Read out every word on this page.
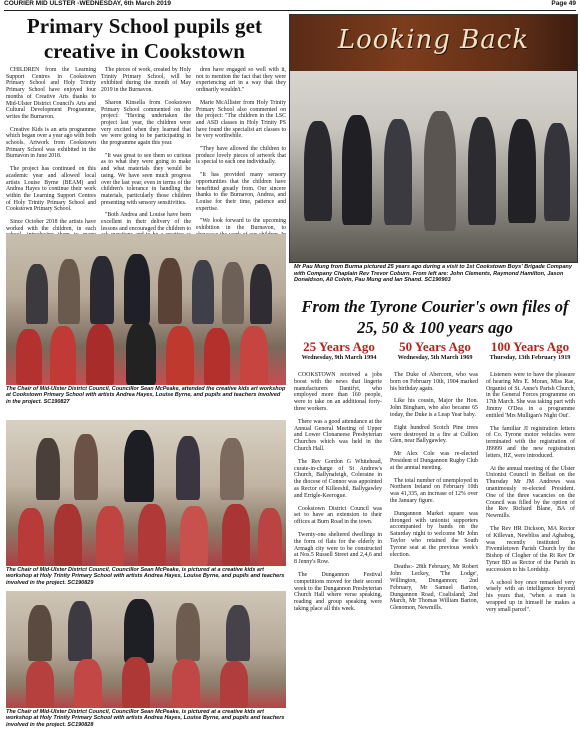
COURIER MID ULSTER -WEDNESDAY, 6th March 2019	Page 49
Primary School pupils get creative in Cookstown

CHILDREN from the Learning Support Centres in Cookstown Primary School and Holy Trinity Primary School have enjoyed four months of Creative Arts thanks to Mid-Ulster District Council's Arts and Cultural Development Programme, writes the Burnavon.

Creative Kids is an arts programme which began over a year ago with both schools. Artwork from Cookstown Primary School was exhibited in the Burnavon in June 2018.

The project has continued on this academic year and allowed local artists Louise Byrne (BEAM) and Andrea Hayes to continue their work within the Learning Support Centres of Holy Trinity Primary School and Cookstown Primary School.

Since October 2018 the artists have worked with the children, in each

The pieces of work, created by Holy Trinity Primary School, will be exhibited during the month of May 2019 in the Burnavon.

Sharon Kinsella from Cookstown Primary School commented on the project: "Having undertaken the project last year, the children were very excited when they learned that we were going to be participating in the programme again this year.

"It was great to see them so curious as to what they were going to make and what materials they would be using. We have seen much progress over the last year, even in terms of the children's tolerance in handling the materials, particularly those children presenting with sensory sensitivities.

"Both Andrea and Louise have been excellent in their delivery of the lessons and encouraged the children to

dren have engaged so well with it, not to mention the fact that they were experiencing art in a way that they ordinarily wouldn't."

Marie McAllister from Holy Trinity Primary School also commented on the project: "The children in the LSC and ASD classes in Holy Trinity PS have found the specialist art classes to be very worthwhile.

"They have allowed the children to produce lovely pieces of artwork that is special to each one individually.

"It has provided many sensory opportunities that the children have benefitted greatly from. Our sincere thanks to the Burnavon, Andrea, and Louise for their time, patience and expertise.

"We look forward to the upcoming exhibition in the Burnavon, to

The Chair of Mid-Ulster District Council, Councillor Sean McPeake, attended the creative kids art workshop at Cookstown Primary School with artists Andrea Hayes, Louise Byrne, and pupils and teachers involved in the project. SC190827
The Chair of Mid-Ulster District Council, Councillor Sean McPeake, is pictured at a creative kids art workshop at Holy Trinity Primary School with artists Andrea Hayes, Louise Byrne, and pupils and teachers involved in the project. SC190829
The Chair of Mid-Ulster District Council, Councillor Sean McPeake, is pictured at a creative kids art workshop at Holy Trinity Primary School with artists Andrea Hayes, Louise Byrne, and pupils and teachers involved in the project. SC190828
Looking Back
Mr Pau Mung from Burma pictured 25 years ago during a visit to 1st Cookstown Boys' Brigade Company with Company Chaplain Rev Trevor Coburn. From left are: John Clements, Raymond Hamilton, Jason Donaldson, Ali Colvin, Pau Mung and Ian Shand. SC190903
From the Tyrone Courier's own files of 25, 50 & 100 years ago
25 Years Ago
Wednesday, 9th March 1994
50 Years Ago
Wednesday, 5th March 1969
100 Years Ago
Thursday, 13th February 1919

COOKSTOWN received a jobs boost with the news that lingerie manufacturers Dantifyt, who employed more than 160 people, were to take on an additional forty-three workers.

There was a good attendance at the Annual General Meeting of Upper and Lower Clonaneese Presbyterian Churches which was held in the Church Hall.

The Rev Gordon G Whitehead, curate-in-charge of St Andrew's Church, Ballynafeigh, Coleraine in the diocese of Connor was appointed as Rector of Killeeshil, Ballygawley and Errigle-Keerogue.

Cookstown District Council was set to have an extension to their offices at Burn Road in the town.

Twenty-one sheltered dwellings in the form of flats for the elderly in Armagh city were to be constructed at Nos.5 Russell Street and 2,4,6 and 8 Jenny's Row.

The Dungannon Festival competitions moved for their second week to the Dungannon Presbyterian Church Hall where verse speaking, reading and group speaking were taking place all this week.

The Duke of Abercorn, who was born on February 10th, 1904 marked his birthday again.

Like his cousin, Major the Hon. John Bingham, who also became 65 today, the Duke is a Leap Year baby.

Eight hundred Scotch Pine trees were destroyed in a fire at Cullion Glen, near Ballygawley.

Mr Alex Cole was re-elected President of Dungannon Rugby Club at the annual meeting.

The total number of unemployed in Northern Ireland on February 10th was 41,335, an increase of 12% over the January figure.

Dungannon Market square was thronged with unionist supporters accompanied by bands on the Saturday night to welcome Mr John Taylor who retained the South Tyrone seat at the previous week's election.

Deaths:- 28th February, Mr Robert John Leckey, 'The Lodge', Willington, Dungannon; 2nd February, Mr Samuel Barton, Dungannon Road, Coalisland; 2nd March, Mr Thomas William Barton, Glenomon, Newmills.

Listeners were to have the pleasure of hearing Mrs E. Moran, Miss Rae, Organist of St. Anne's Parish Church, in the General Forces programme on 17th March. She was taking part with Jimmy O'Dea in a programme entitled 'Mrs Mulligan's Night Out'.

The familiar JI registration letters of Co. Tyrone motor vehicles were terminated with the registration of JI9999 and the new registration letters, HZ, were introduced.

At the annual meeting of the Ulster Unionist Council in Belfast on the Thursday Mr JM Andrews was unanimously re-elected President. One of the three vacancies on the Council was filled by the option of the Rev Richard Blane, BA of Newmills.

The Rev HR Dickson, MA Rector of Killevan, Newbliss and Aghabog, was recently instituted in Fivemiletown Parish Church by the Bishop of Clogher of the Rt Rev Dr Tyner BD as Rector of the Parish in succession to his Lordship.

A school boy once remarked very wisely with an intelligence beyond his years that, "when a man is wrapped up in himself he makes a very small parcel".
